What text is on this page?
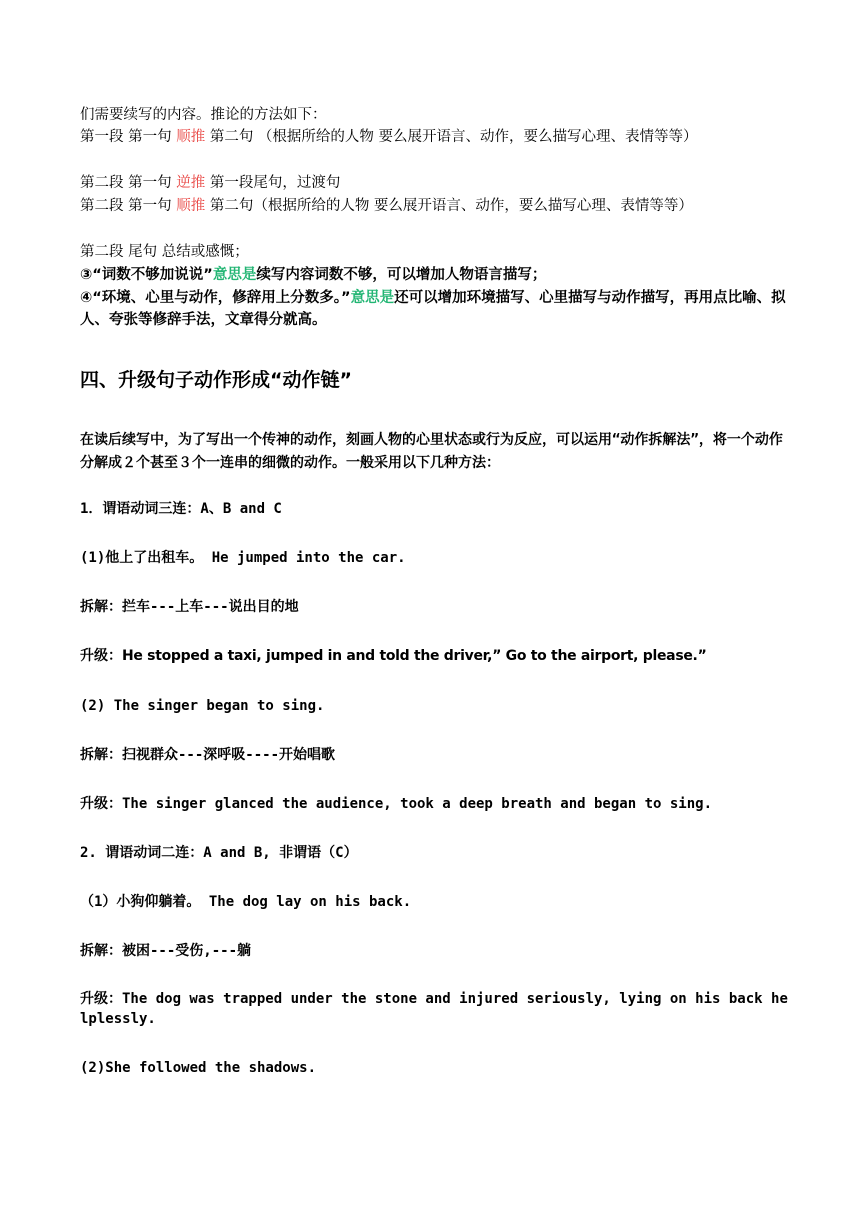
们需要续写的内容。推论的方法如下：
第一段 第一句 顺推 第二句 （根据所给的人物 要么展开语言、动作，要么描写心理、表情等等）
第二段 第一句 逆推 第一段尾句，过渡句
第二段 第一句 顺推 第二句（根据所给的人物 要么展开语言、动作，要么描写心理、表情等等）
第二段 尾句 总结或感慨；
③“词数不够加说说”意思是续写内容词数不够，可以增加人物语言描写；
④“环境、心里与动作，修辞用上分数多。”意思是还可以增加环境描写、心里描写与动作描写，再用点比喻、拟人、夸张等修辞手法，文章得分就高。
四、升级句子动作形成“动作链”
在读后续写中，为了写出一个传神的动作，刻画人物的心里状态或行为反应，可以运用“动作拆解法”，将一个动作分解成２个甚至３个一连串的细微的动作。一般采用以下几种方法：
1．谓语动词三连：A、B and C
(1)他上了出租车。 He jumped into the car.
拆解：拦车---上车---说出目的地
升级：He stopped a taxi, jumped in and told the driver,” Go to the airport, please.”
(2) The singer began to sing.
拆解：扫视群众---深呼吸----开始唱歌
升级：The singer glanced the audience, took a deep breath and began to sing.
2. 谓语动词二连：A and B, 非谓语（C）
（1）小狗仰躺着。 The dog lay on his back.
拆解：被困---受伤,---躺
升级：The dog was trapped under the stone and injured seriously, lying on his back helplessly.
(2)She followed the shadows.
